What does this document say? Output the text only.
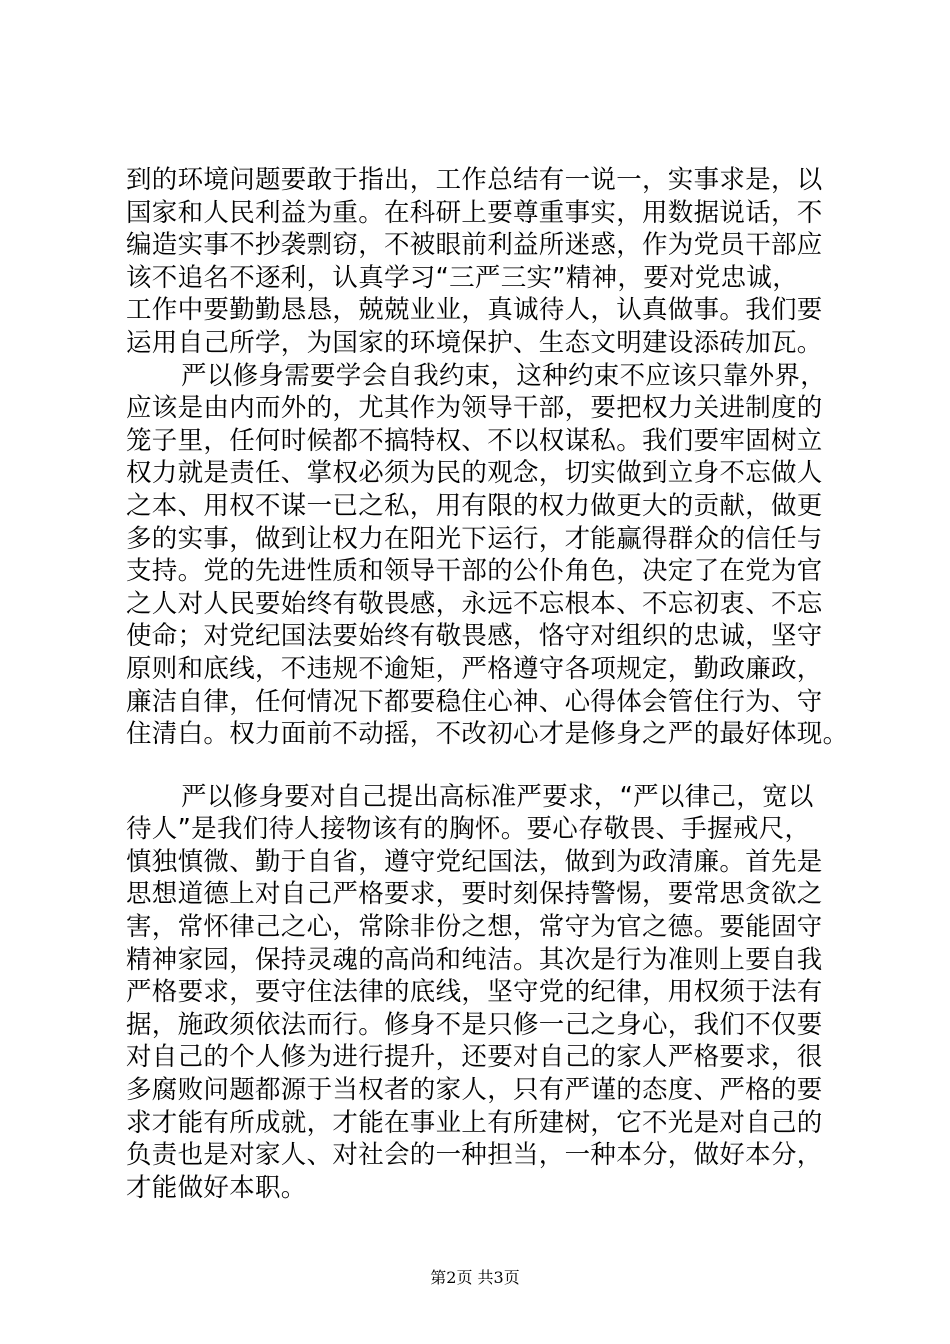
到的环境问题要敢于指出，工作总结有一说一，实事求是，以
国家和人民利益为重。在科研上要尊重事实，用数据说话，不
编造实事不抄袭剽窃，不被眼前利益所迷惑，作为党员干部应
该不追名不逐利，认真学习“三严三实”精神，要对党忠诚，
工作中要勤勤恳恳，兢兢业业，真诚待人，认真做事。我们要
运用自己所学，为国家的环境保护、生态文明建设添砖加瓦。
严以修身需要学会自我约束，这种约束不应该只靠外界，
应该是由内而外的，尤其作为领导干部，要把权力关进制度的
笼子里，任何时候都不搞特权、不以权谋私。我们要牢固树立
权力就是责任、掌权必须为民的观念，切实做到立身不忘做人
之本、用权不谋一已之私，用有限的权力做更大的贡献，做更
多的实事，做到让权力在阳光下运行，才能赢得群众的信任与
支持。党的先进性质和领导干部的公仆角色，决定了在党为官
之人对人民要始终有敬畏感，永远不忘根本、不忘初衷、不忘
使命；对党纪国法要始终有敬畏感，恪守对组织的忠诚，坚守
原则和底线，不违规不逾矩，严格遵守各项规定，勤政廉政，
廉洁自律，任何情况下都要稳住心神、心得体会管住行为、守
住清白。权力面前不动摇，不改初心才是修身之严的最好体现。
严以修身要对自己提出高标准严要求，“严以律己，宽以
待人”是我们待人接物该有的胸怀。要心存敬畏、手握戒尺，
慎独慎微、勤于自省，遵守党纪国法，做到为政清廉。首先是
思想道德上对自己严格要求，要时刻保持警惕，要常思贪欲之
害，常怀律己之心，常除非份之想，常守为官之德。要能固守
精神家园，保持灵魂的高尚和纯洁。其次是行为准则上要自我
严格要求，要守住法律的底线，坚守党的纪律，用权须于法有
据，施政须依法而行。修身不是只修一己之身心，我们不仅要
对自己的个人修为进行提升，还要对自己的家人严格要求，很
多腐败问题都源于当权者的家人，只有严谨的态度、严格的要
求才能有所成就，才能在事业上有所建树，它不光是对自己的
负责也是对家人、对社会的一种担当，一种本分，做好本分，
才能做好本职。
第2页 共3页
